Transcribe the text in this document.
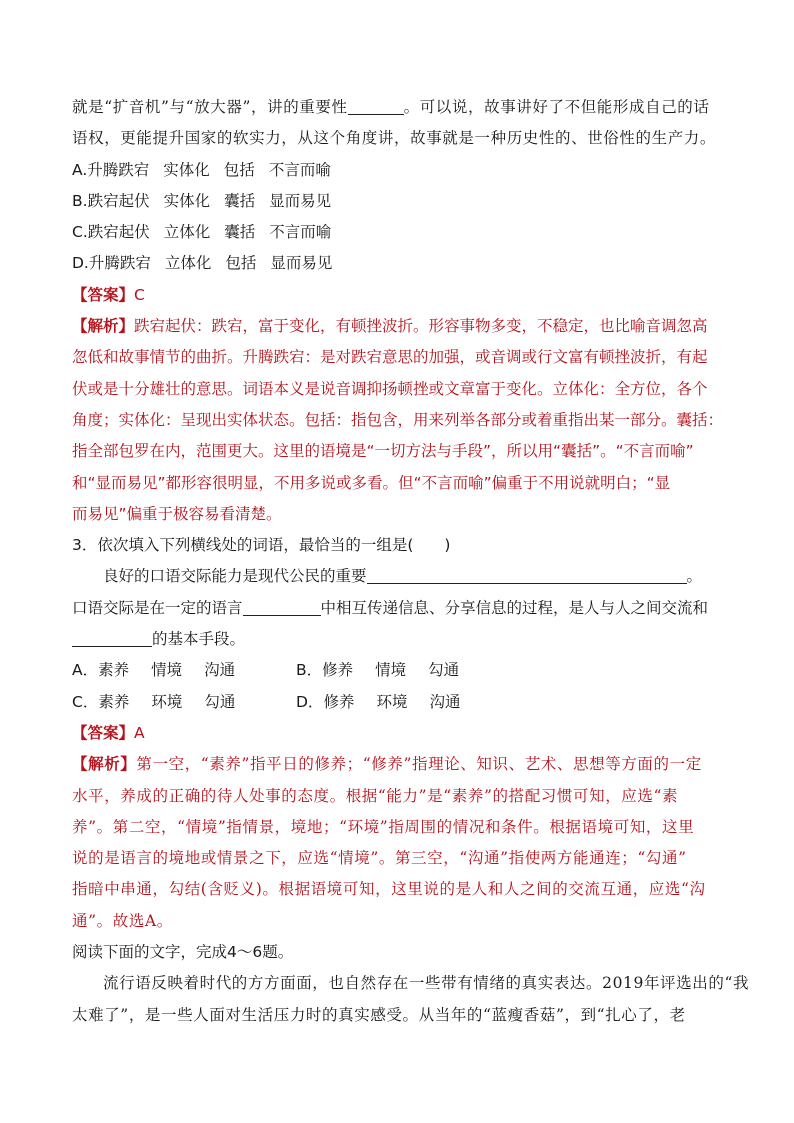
就是“扩音机”与“放大器”，讲的重要性	。可以说，故事讲好了不但能形成自己的话
语权，更能提升国家的软实力，从这个角度讲，故事就是一种历史性的、世俗性的生产力。
A.升腾跌宕 实体化 包括 不言而喻
B.跌宕起伏 实体化 囊括 显而易见
C.跌宕起伏 立体化 囊括 不言而喻
D.升腾跌宕 立体化 包括 显而易见
【答案】C
【解析】跌宕起伏：跌宕，富于变化，有顿挫波折。形容事物多变，不稳定，也比喻音调忽高
忽低和故事情节的曲折。升腾跌宕：是对跌宕意思的加强，或音调或行文富有顿挫波折，有起
伏或是十分雄壮的意思。词语本义是说音调抑扬顿挫或文章富于变化。立体化：全方位，各个
角度；实体化：呈现出实体状态。包括：指包含，用来列举各部分或着重指出某一部分。囊括：
指全部包罗在内，范围更大。这里的语境是“一切方法与手段”，所以用“囊括”。“不言而喻”
和“显而易见”都形容很明显，不用多说或多看。但“不言而喻”偏重于不用说就明白；“显
而易见”偏重于极容易看清楚。
3．依次填入下列横线处的词语，最恰当的一组是(　　)
良好的口语交际能力是现代公民的重要	。
口语交际是在一定的语言	中相互传递信息、分享信息的过程，是人与人之间交流和
的基本手段。
A．素养 情境 沟通	B．修养 情境 勾通
C．素养 环境 勾通	D．修养 环境 沟通
【答案】A
【解析】第一空，“素养”指平日的修养；“修养”指理论、知识、艺术、思想等方面的一定
水平，养成的正确的待人处事的态度。根据“能力”是“素养”的搭配习惯可知，应选“素
养”。第二空，“情境”指情景，境地；“环境”指周围的情况和条件。根据语境可知，这里
说的是语言的境地或情景之下，应选“情境”。第三空，“沟通”指使两方能通连；“勾通”
指暗中串通，勾结(含贬义)。根据语境可知，这里说的是人和人之间的交流互通，应选“沟
通”。故选A。
阅读下面的文字，完成4～6题。
流行语反映着时代的方方面面，也自然存在一些带有情绪的真实表达。2019年评选出的“我
太难了”，是一些人面对生活压力时的真实感受。从当年的“蓝瘦香菇”，到“扎心了，老
